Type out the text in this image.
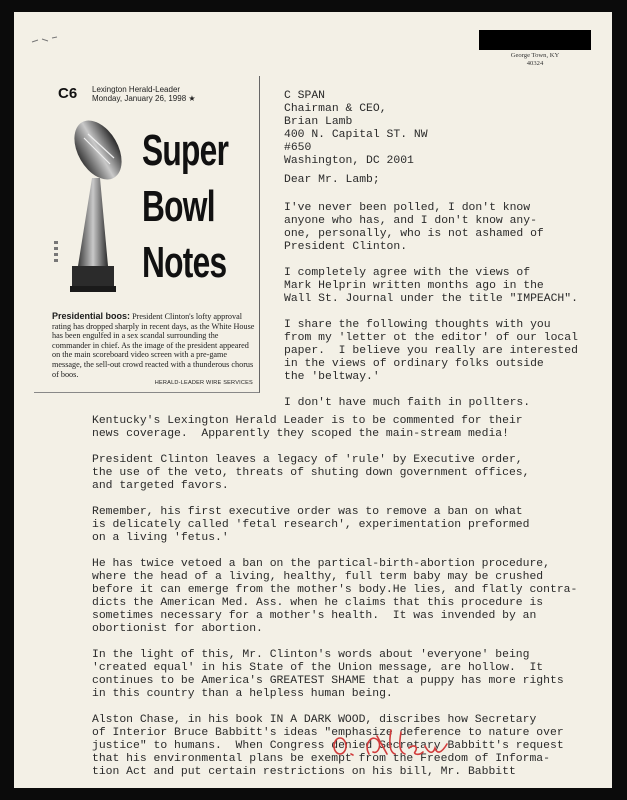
George Town, KY
40324
C6 Lexington Herald-Leader
Monday, January 26, 1998 ★
Super
Bowl
Notes
Presidential boos: President Clinton's lofty approval rating has dropped sharply in recent days, as the White House has been engulfed in a sex scandal surrounding the commander in chief. As the image of the president appeared on the main scoreboard video screen with a pre-game message, the sell-out crowd reacted with a thunderous chorus of boos.
HERALD-LEADER WIRE SERVICES
C SPAN
Chairman & CEO,
Brian Lamb
400 N. Capital ST. NW
#650
Washington, DC 2001
Dear Mr. Lamb;
I've never been polled, I don't know
anyone who has, and I don't know any-
one, personally, who is not ashamed of
President Clinton.

I completely agree with the views of
Mark Helprin written months ago in the
Wall St. Journal under the title "IMPEACH".

I share the following thoughts with you
from my 'letter ot the editor' of our local
paper.  I believe you really are interested
in the views of ordinary folks outside
the 'beltway.'

I don't have much faith in pollters.
Kentucky's Lexington Herald Leader is to be commented for their
news coverage.  Apparently they scoped the main-stream media!

President Clinton leaves a legacy of 'rule' by Executive order,
the use of the veto, threats of shuting down government offices,
and targeted favors.

Remember, his first executive order was to remove a ban on what
is delicately called 'fetal research', experimentation preformed
on a living 'fetus.'

He has twice vetoed a ban on the partical-birth-abortion procedure,
where the head of a living, healthy, full term baby may be crushed
before it can emerge from the mother's body.He lies, and flatly contra-
dicts the American Med. Ass. when he claims that this procedure is
sometimes necessary for a mother's health.  It was invended by an
obortionist for abortion.

In the light of this, Mr. Clinton's words about 'everyone' being
'created equal' in his State of the Union message, are hollow.  It
continues to be America's GREATEST SHAME that a puppy has more rights
in this country than a helpless human being.

Alston Chase, in his book IN A DARK WOOD, discribes how Secretary
of Interior Bruce Babbitt's ideas "emphasize deference to nature over
justice" to humans.  When Congress denied Secretary Babbitt's request
that his environmental plans be exempt from the Freedom of Informa-
tion Act and put certain restrictions on his bill, Mr. Babbitt
